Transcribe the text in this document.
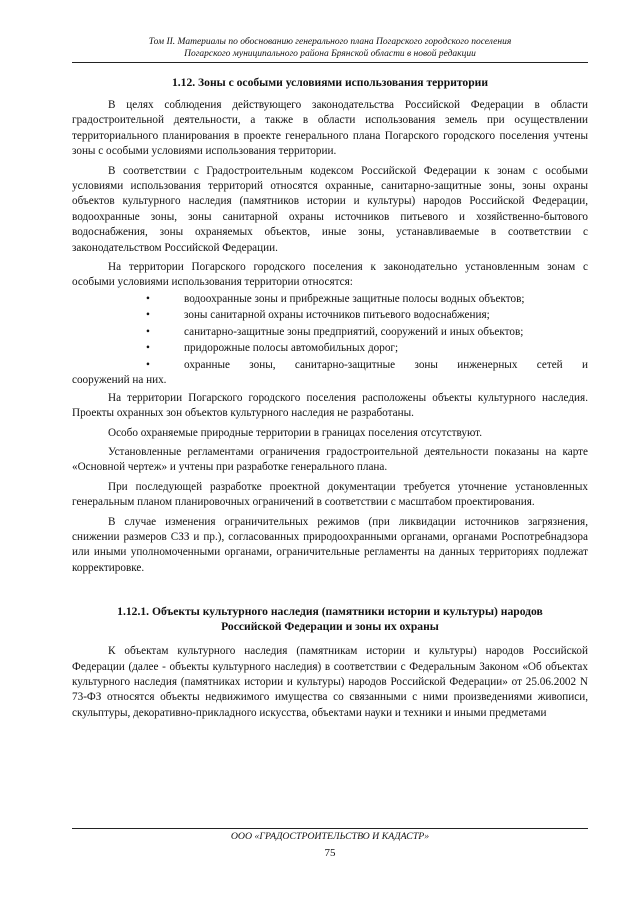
Том II. Материалы по обоснованию генерального плана Погарского городского поселения
Погарского муниципального района Брянской области в новой редакции
1.12. Зоны с особыми условиями использования территории

В целях соблюдения действующего законодательства Российской Федерации в области градостроительной деятельности, а также в области использования земель при осуществлении территориального планирования в проекте генерального плана Погарского городского поселения учтены зоны с особыми условиями использования территории.

В соответствии с Градостроительным кодексом Российской Федерации к зонам с особыми условиями использования территорий относятся охранные, санитарно-защитные зоны, зоны охраны объектов культурного наследия (памятников истории и культуры) народов Российской Федерации, водоохранные зоны, зоны санитарной охраны источников питьевого и хозяйственно-бытового водоснабжения, зоны охраняемых объектов, иные зоны, устанавливаемые в соответствии с законодательством Российской Федерации.

На территории Погарского городского поселения к законодательно установленным зонам с особыми условиями использования территории относятся:

•	водоохранные зоны и прибрежные защитные полосы водных объектов;
•	зоны санитарной охраны источников питьевого водоснабжения;
•	санитарно-защитные зоны предприятий, сооружений и иных объектов;
•	придорожные полосы автомобильных дорог;
•	охранные зоны, санитарно-защитные зоны инженерных сетей и
сооружений на них.

На территории Погарского городского поселения расположены объекты культурного наследия. Проекты охранных зон объектов культурного наследия не разработаны.

Особо охраняемые природные территории в границах поселения отсутствуют.

Установленные регламентами ограничения градостроительной деятельности показаны на карте «Основной чертеж» и учтены при разработке генерального плана.

При последующей разработке проектной документации требуется уточнение установленных генеральным планом планировочных ограничений в соответствии с масштабом проектирования.

В случае изменения ограничительных режимов (при ликвидации источников загрязнения, снижении размеров СЗЗ и пр.), согласованных природоохранными органами, органами Роспотребнадзора или иными уполномоченными органами, ограничительные регламенты на данных территориях подлежат корректировке.

1.12.1. Объекты культурного наследия (памятники истории и культуры) народов
Российской Федерации и зоны их охраны

К объектам культурного наследия (памятникам истории и культуры) народов Российской Федерации (далее - объекты культурного наследия) в соответствии с Федеральным Законом «Об объектах культурного наследия (памятниках истории и культуры) народов Российской Федерации» от 25.06.2002 N 73-ФЗ относятся объекты недвижимого имущества со связанными с ними произведениями живописи, скульптуры, декоративно-прикладного искусства, объектами науки и техники и иными предметами

ООО «ГРАДОСТРОИТЕЛЬСТВО И КАДАСТР»
75
